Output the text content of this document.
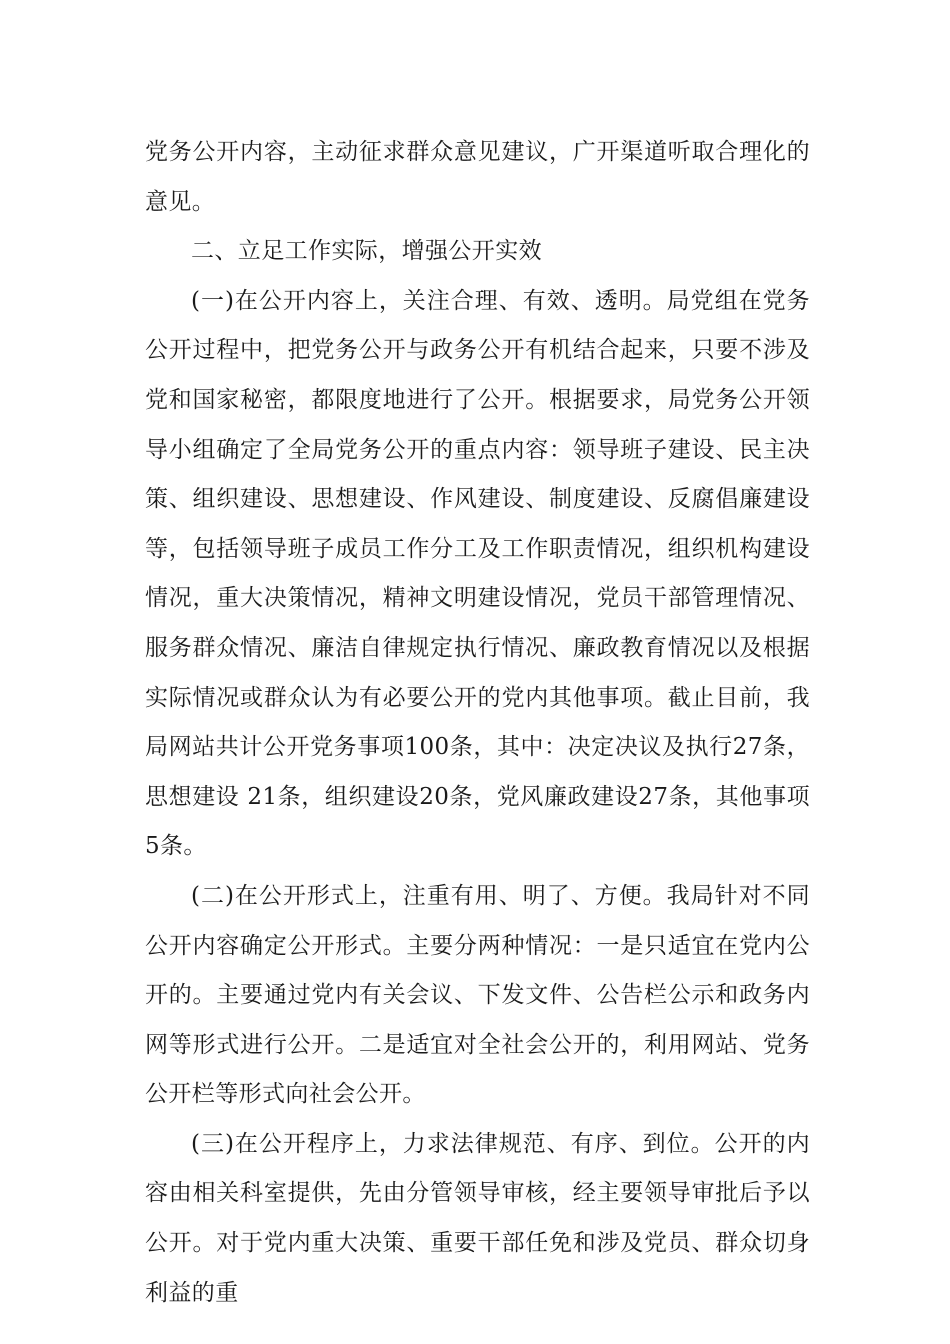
党务公开内容，主动征求群众意见建议，广开渠道听取合理化的意见。

二、立足工作实际，增强公开实效

(一)在公开内容上，关注合理、有效、透明。局党组在党务公开过程中，把党务公开与政务公开有机结合起来，只要不涉及党和国家秘密，都限度地进行了公开。根据要求，局党务公开领导小组确定了全局党务公开的重点内容：领导班子建设、民主决策、组织建设、思想建设、作风建设、制度建设、反腐倡廉建设等，包括领导班子成员工作分工及工作职责情况，组织机构建设情况，重大决策情况，精神文明建设情况，党员干部管理情况、服务群众情况、廉洁自律规定执行情况、廉政教育情况以及根据实际情况或群众认为有必要公开的党内其他事项。截止目前，我局网站共计公开党务事项100条，其中：决定决议及执行27条，思想建设 21条，组织建设20条，党风廉政建设27条，其他事项5条。

(二)在公开形式上，注重有用、明了、方便。我局针对不同公开内容确定公开形式。主要分两种情况：一是只适宜在党内公开的。主要通过党内有关会议、下发文件、公告栏公示和政务内网等形式进行公开。二是适宜对全社会公开的，利用网站、党务公开栏等形式向社会公开。

(三)在公开程序上，力求法律规范、有序、到位。公开的内容由相关科室提供，先由分管领导审核，经主要领导审批后予以公开。对于党内重大决策、重要干部任免和涉及党员、群众切身利益的重
